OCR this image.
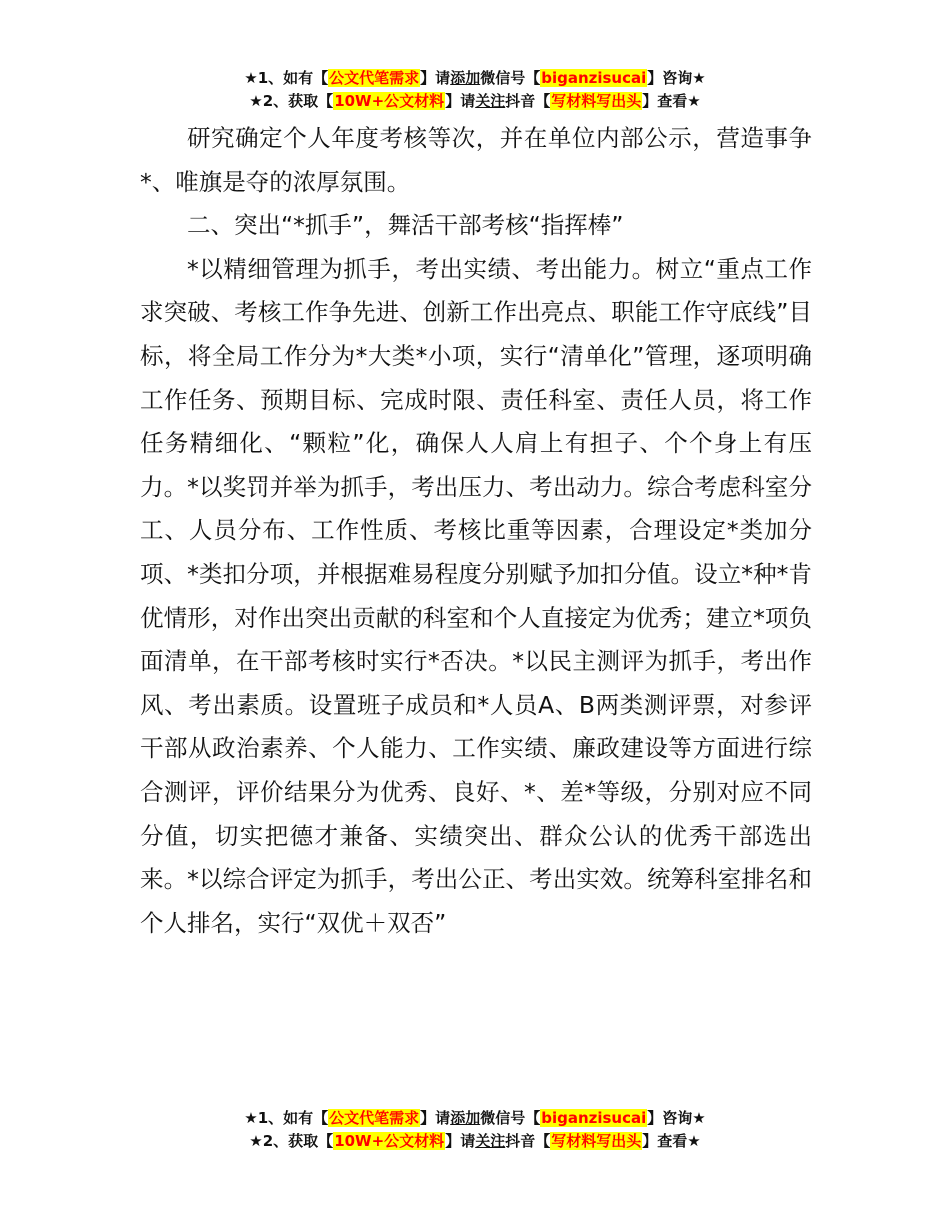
★1、如有【公文代笔需求】请添加微信号【biganzisucai】咨询★
★2、获取【10W+公文材料】请关注抖音【写材料写出头】查看★

研究确定个人年度考核等次，并在单位内部公示，营造事争*、唯旗是夺的浓厚氛围。

二、突出“*抓手”，舞活干部考核“指挥棒”

*以精细管理为抓手，考出实绩、考出能力。树立“重点工作求突破、考核工作争先进、创新工作出亮点、职能工作守底线”目标，将全局工作分为*大类*小项，实行“清单化”管理，逐项明确工作任务、预期目标、完成时限、责任科室、责任人员，将工作任务精细化、“颗粒”化，确保人人肩上有担子、个个身上有压力。*以奖罚并举为抓手，考出压力、考出动力。综合考虑科室分工、人员分布、工作性质、考核比重等因素，合理设定*类加分项、*类扣分项，并根据难易程度分别赋予加扣分值。设立*种*肯优情形，对作出突出贡献的科室和个人直接定为优秀；建立*项负面清单，在干部考核时实行*否决。*以民主测评为抓手，考出作风、考出素质。设置班子成员和*人员A、B两类测评票，对参评干部从政治素养、个人能力、工作实绩、廉政建设等方面进行综合测评，评价结果分为优秀、良好、*、差*等级，分别对应不同分值，切实把德才兼备、实绩突出、群众公认的优秀干部选出来。*以综合评定为抓手，考出公正、考出实效。统筹科室排名和个人排名，实行“双优＋双否”

★1、如有【公文代笔需求】请添加微信号【biganzisucai】咨询★
★2、获取【10W+公文材料】请关注抖音【写材料写出头】查看★
